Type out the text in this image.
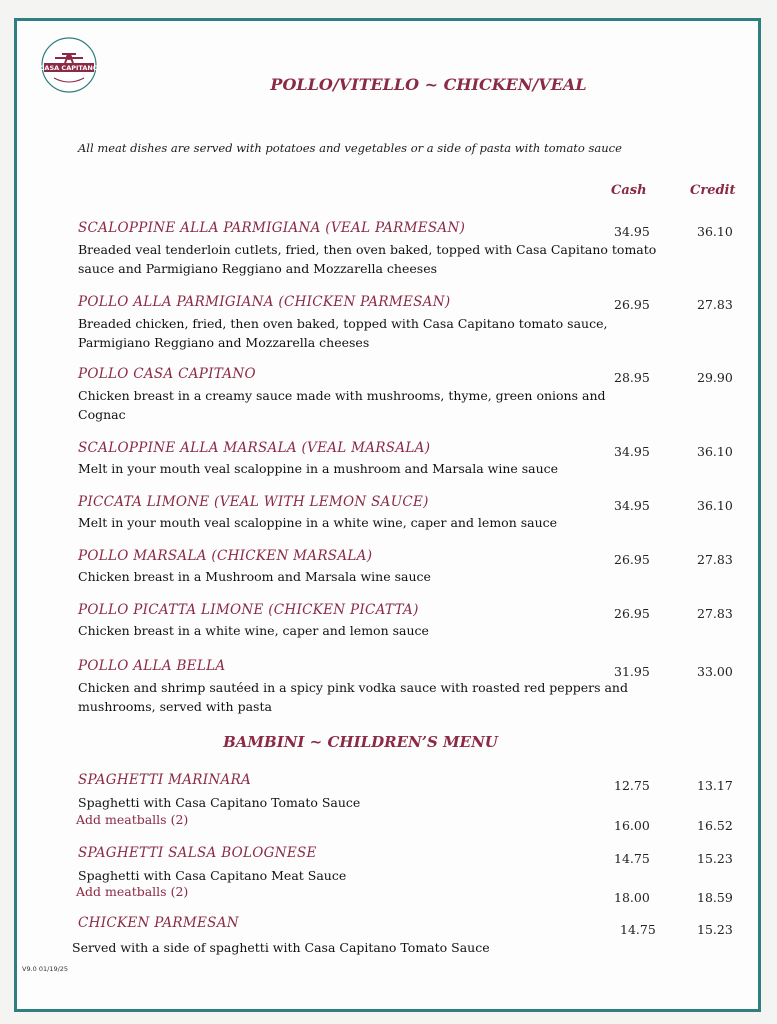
CASA CAPITANO
POLLO/VITELLO ~ CHICKEN/VEAL
All meat dishes are served with potatoes and vegetables or a side of pasta with tomato sauce
Cash	Credit
SCALOPPINE ALLA PARMIGIANA (VEAL PARMESAN)	34.95	36.10
Breaded veal tenderloin cutlets, fried, then oven baked, topped with Casa Capitano tomato sauce and Parmigiano Reggiano and Mozzarella cheeses
POLLO ALLA PARMIGIANA (CHICKEN PARMESAN)	26.95	27.83
Breaded chicken, fried, then oven baked, topped with Casa Capitano tomato sauce, Parmigiano Reggiano and Mozzarella cheeses
POLLO CASA CAPITANO	28.95	29.90
Chicken breast in a creamy sauce made with mushrooms, thyme, green onions and Cognac
SCALOPPINE ALLA MARSALA (VEAL MARSALA)	34.95	36.10
Melt in your mouth veal scaloppine in a mushroom and Marsala wine sauce
PICCATA LIMONE (VEAL WITH LEMON SAUCE)	34.95	36.10
Melt in your mouth veal scaloppine in a white wine, caper and lemon sauce
POLLO MARSALA (CHICKEN MARSALA)	26.95	27.83
Chicken breast in a Mushroom and Marsala wine sauce
POLLO PICATTA LIMONE (CHICKEN PICATTA)	26.95	27.83
Chicken breast in a white wine, caper and lemon sauce
POLLO ALLA BELLA	31.95	33.00
Chicken and shrimp sautéed in a spicy pink vodka sauce with roasted red peppers and mushrooms, served with pasta
BAMBINI ~ CHILDREN’S MENU
SPAGHETTI MARINARA	12.75	13.17
Spaghetti with Casa Capitano Tomato Sauce
Add meatballs (2)	16.00	16.52
SPAGHETTI SALSA BOLOGNESE	14.75	15.23
Spaghetti with Casa Capitano Meat Sauce
Add meatballs (2)	18.00	18.59
CHICKEN PARMESAN	14.75	15.23
Served with a side of spaghetti with Casa Capitano Tomato Sauce
V9.0 01/19/25
